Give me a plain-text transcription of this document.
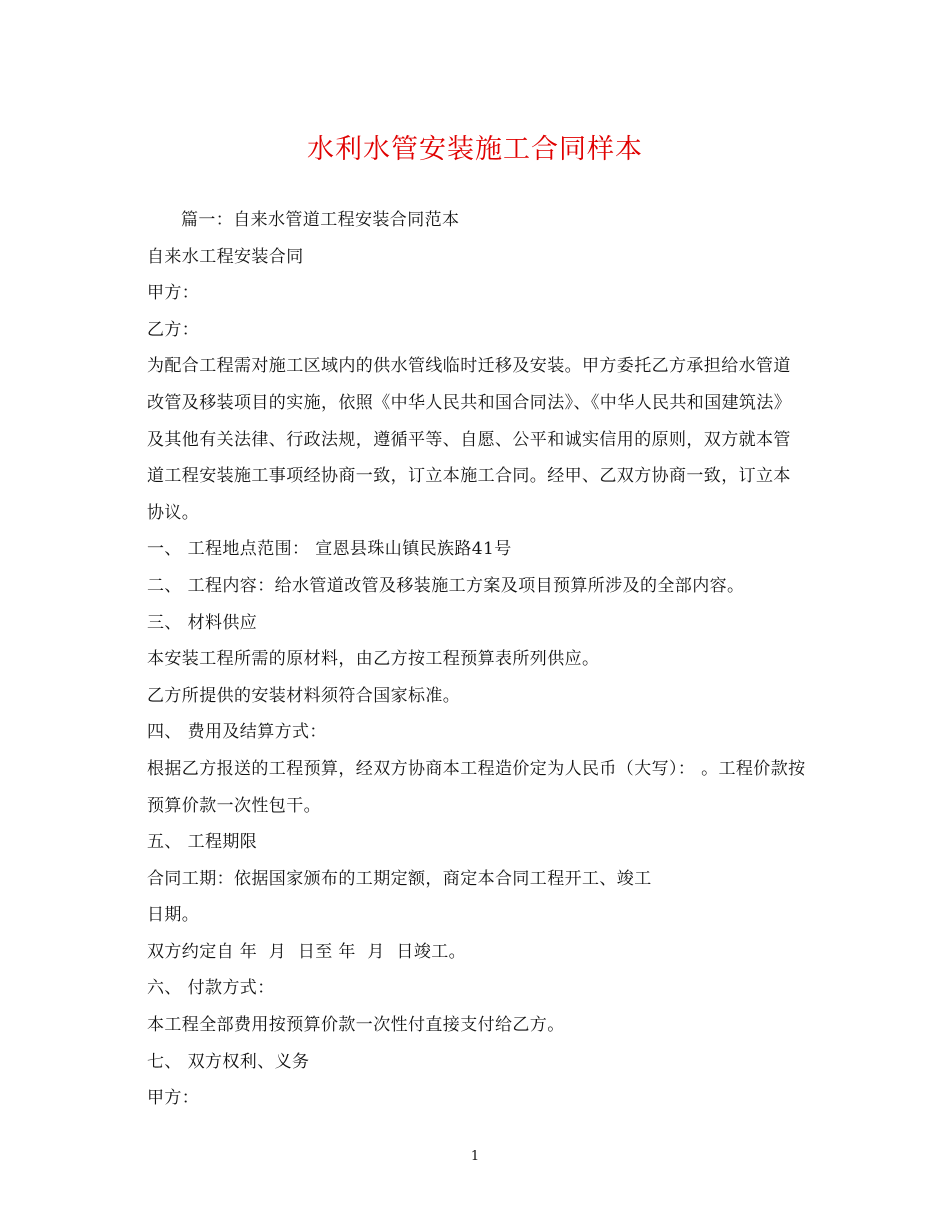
水利水管安装施工合同样本
篇一：自来水管道工程安装合同范本
自来水工程安装合同
甲方：
乙方：
为配合工程需对施工区域内的供水管线临时迁移及安装。甲方委托乙方承担给水管道改管及移装项目的实施，依照《中华人民共和国合同法》、《中华人民共和国建筑法》及其他有关法律、行政法规，遵循平等、自愿、公平和诚实信用的原则，双方就本管道工程安装施工事项经协商一致，订立本施工合同。经甲、乙双方协商一致，订立本协议。
一、 工程地点范围： 宣恩县珠山镇民族路41号
二、 工程内容：给水管道改管及移装施工方案及项目预算所涉及的全部内容。
三、 材料供应
本安装工程所需的原材料，由乙方按工程预算表所列供应。
乙方所提供的安装材料须符合国家标准。
四、 费用及结算方式：
根据乙方报送的工程预算，经双方协商本工程造价定为人民币（大写）： 。工程价款按预算价款一次性包干。
五、 工程期限
合同工期：依据国家颁布的工期定额，商定本合同工程开工、竣工
日期。
双方约定自 年  月  日至 年  月  日竣工。
六、 付款方式：
本工程全部费用按预算价款一次性付直接支付给乙方。
七、 双方权利、义务
甲方：
1
